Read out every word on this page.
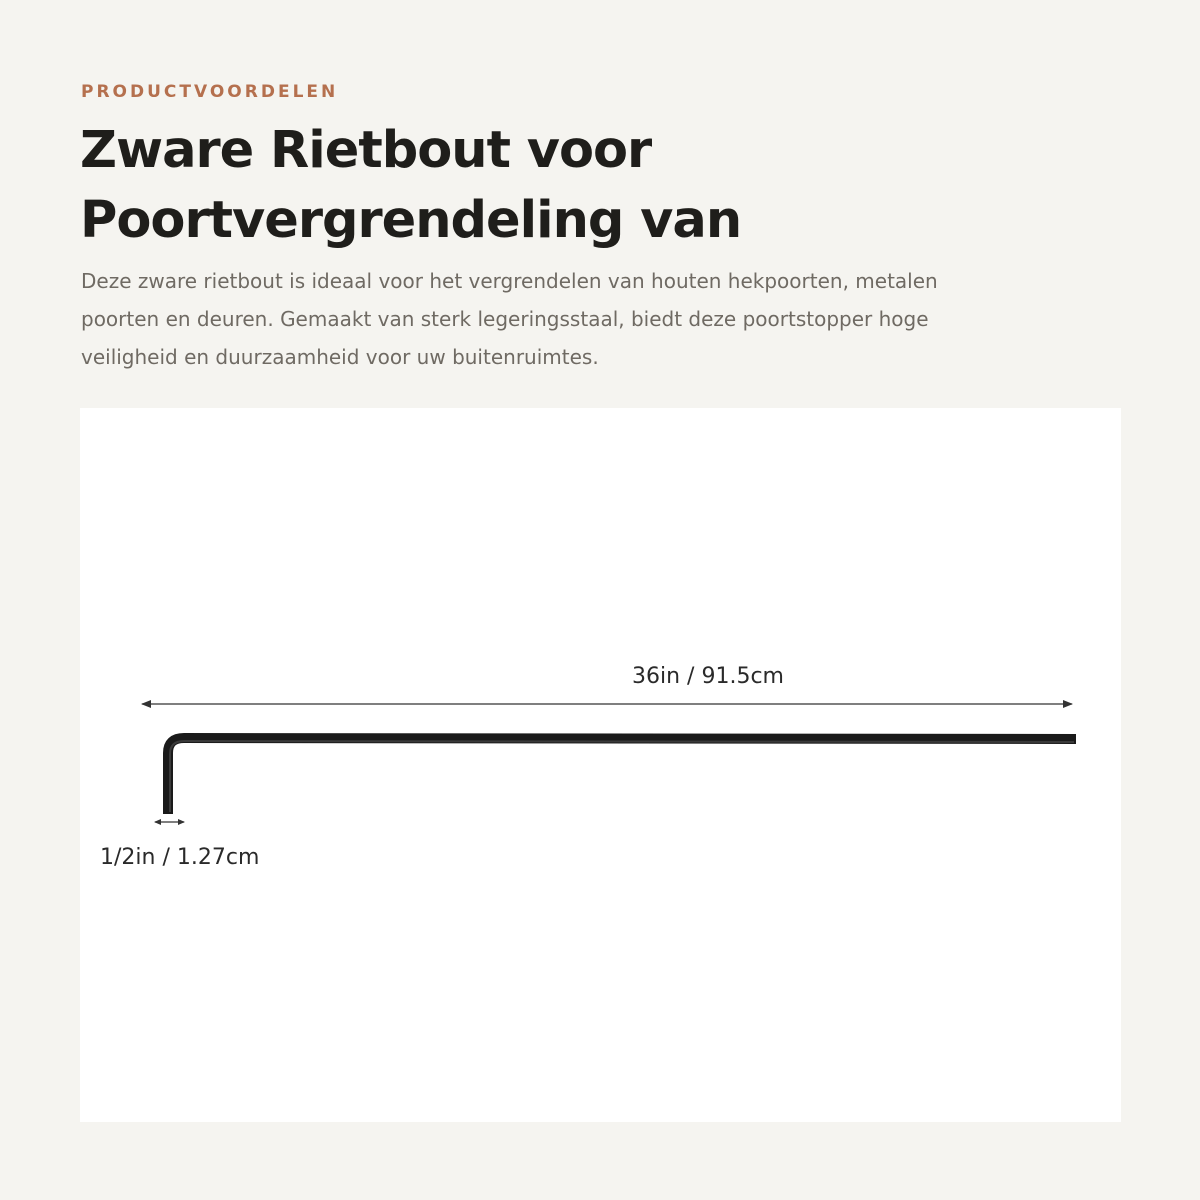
PRODUCTVOORDELEN
Zware Rietbout voor
Poortvergrendeling van

Deze zware rietbout is ideaal voor het vergrendelen van houten hekpoorten, metalen
poorten en deuren. Gemaakt van sterk legeringsstaal, biedt deze poortstopper hoge
veiligheid en duurzaamheid voor uw buitenruimtes.

36in / 91.5cm
1/2in / 1.27cm
